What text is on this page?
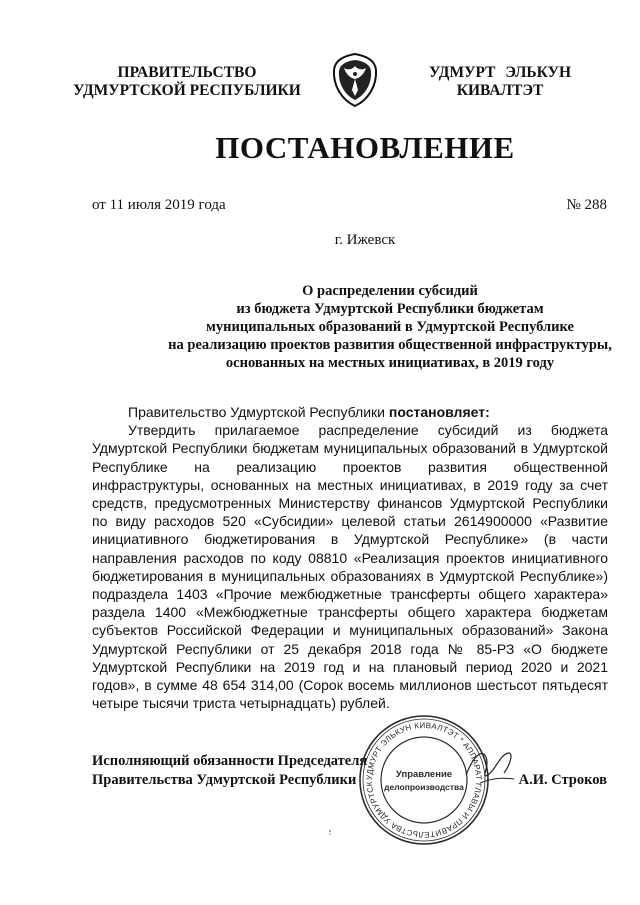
ПРАВИТЕЛЬСТВО
УДМУРТСКОЙ РЕСПУБЛИКИ
УДМУРТ ЭЛЬКУН
КИВАЛТЭТ
ПОСТАНОВЛЕНИЕ
от 11 июля 2019 года	№ 288
г. Ижевск
О распределении субсидий
из бюджета Удмуртской Республики бюджетам
муниципальных образований в Удмуртской Республике
на реализацию проектов развития общественной инфраструктуры,
основанных на местных инициативах, в 2019 году

Правительство Удмуртской Республики постановляет:

Утвердить прилагаемое распределение субсидий из бюджета Удмуртской Республики бюджетам муниципальных образований в Удмуртской Республике на реализацию проектов развития общественной инфраструктуры, основанных на местных инициативах, в 2019 году за счет средств, предусмотренных Министерству финансов Удмуртской Республики по виду расходов 520 «Субсидии» целевой статьи 2614900000 «Развитие инициативного бюджетирования в Удмуртской Республике» (в части направления расходов по коду 08810 «Реализация проектов инициативного бюджетирования в муниципальных образованиях в Удмуртской Республике») подраздела 1403 «Прочие межбюджетные трансферты общего характера» раздела 1400 «Межбюджетные трансферты общего характера бюджетам субъектов Российской Федерации и муниципальных образований» Закона Удмуртской Республики от 25 декабря 2018 года № 85-РЗ «О бюджете Удмуртской Республики на 2019 год и на плановый период 2020 и 2021 годов», в сумме 48 654 314,00 (Сорок восемь миллионов шестьсот пятьдесят четыре тысячи триста четырнадцать) рублей.

Исполняющий обязанности Председателя
Правительства Удмуртской Республики	А.И. Строков
УДМУРТ ЭЛЬКУН КИВАЛТЭТ * АППАРАТ ГЛАВЫ И ПРАВИТЕЛЬСТВА УДМУРТСК
Управление
делопроизводства
